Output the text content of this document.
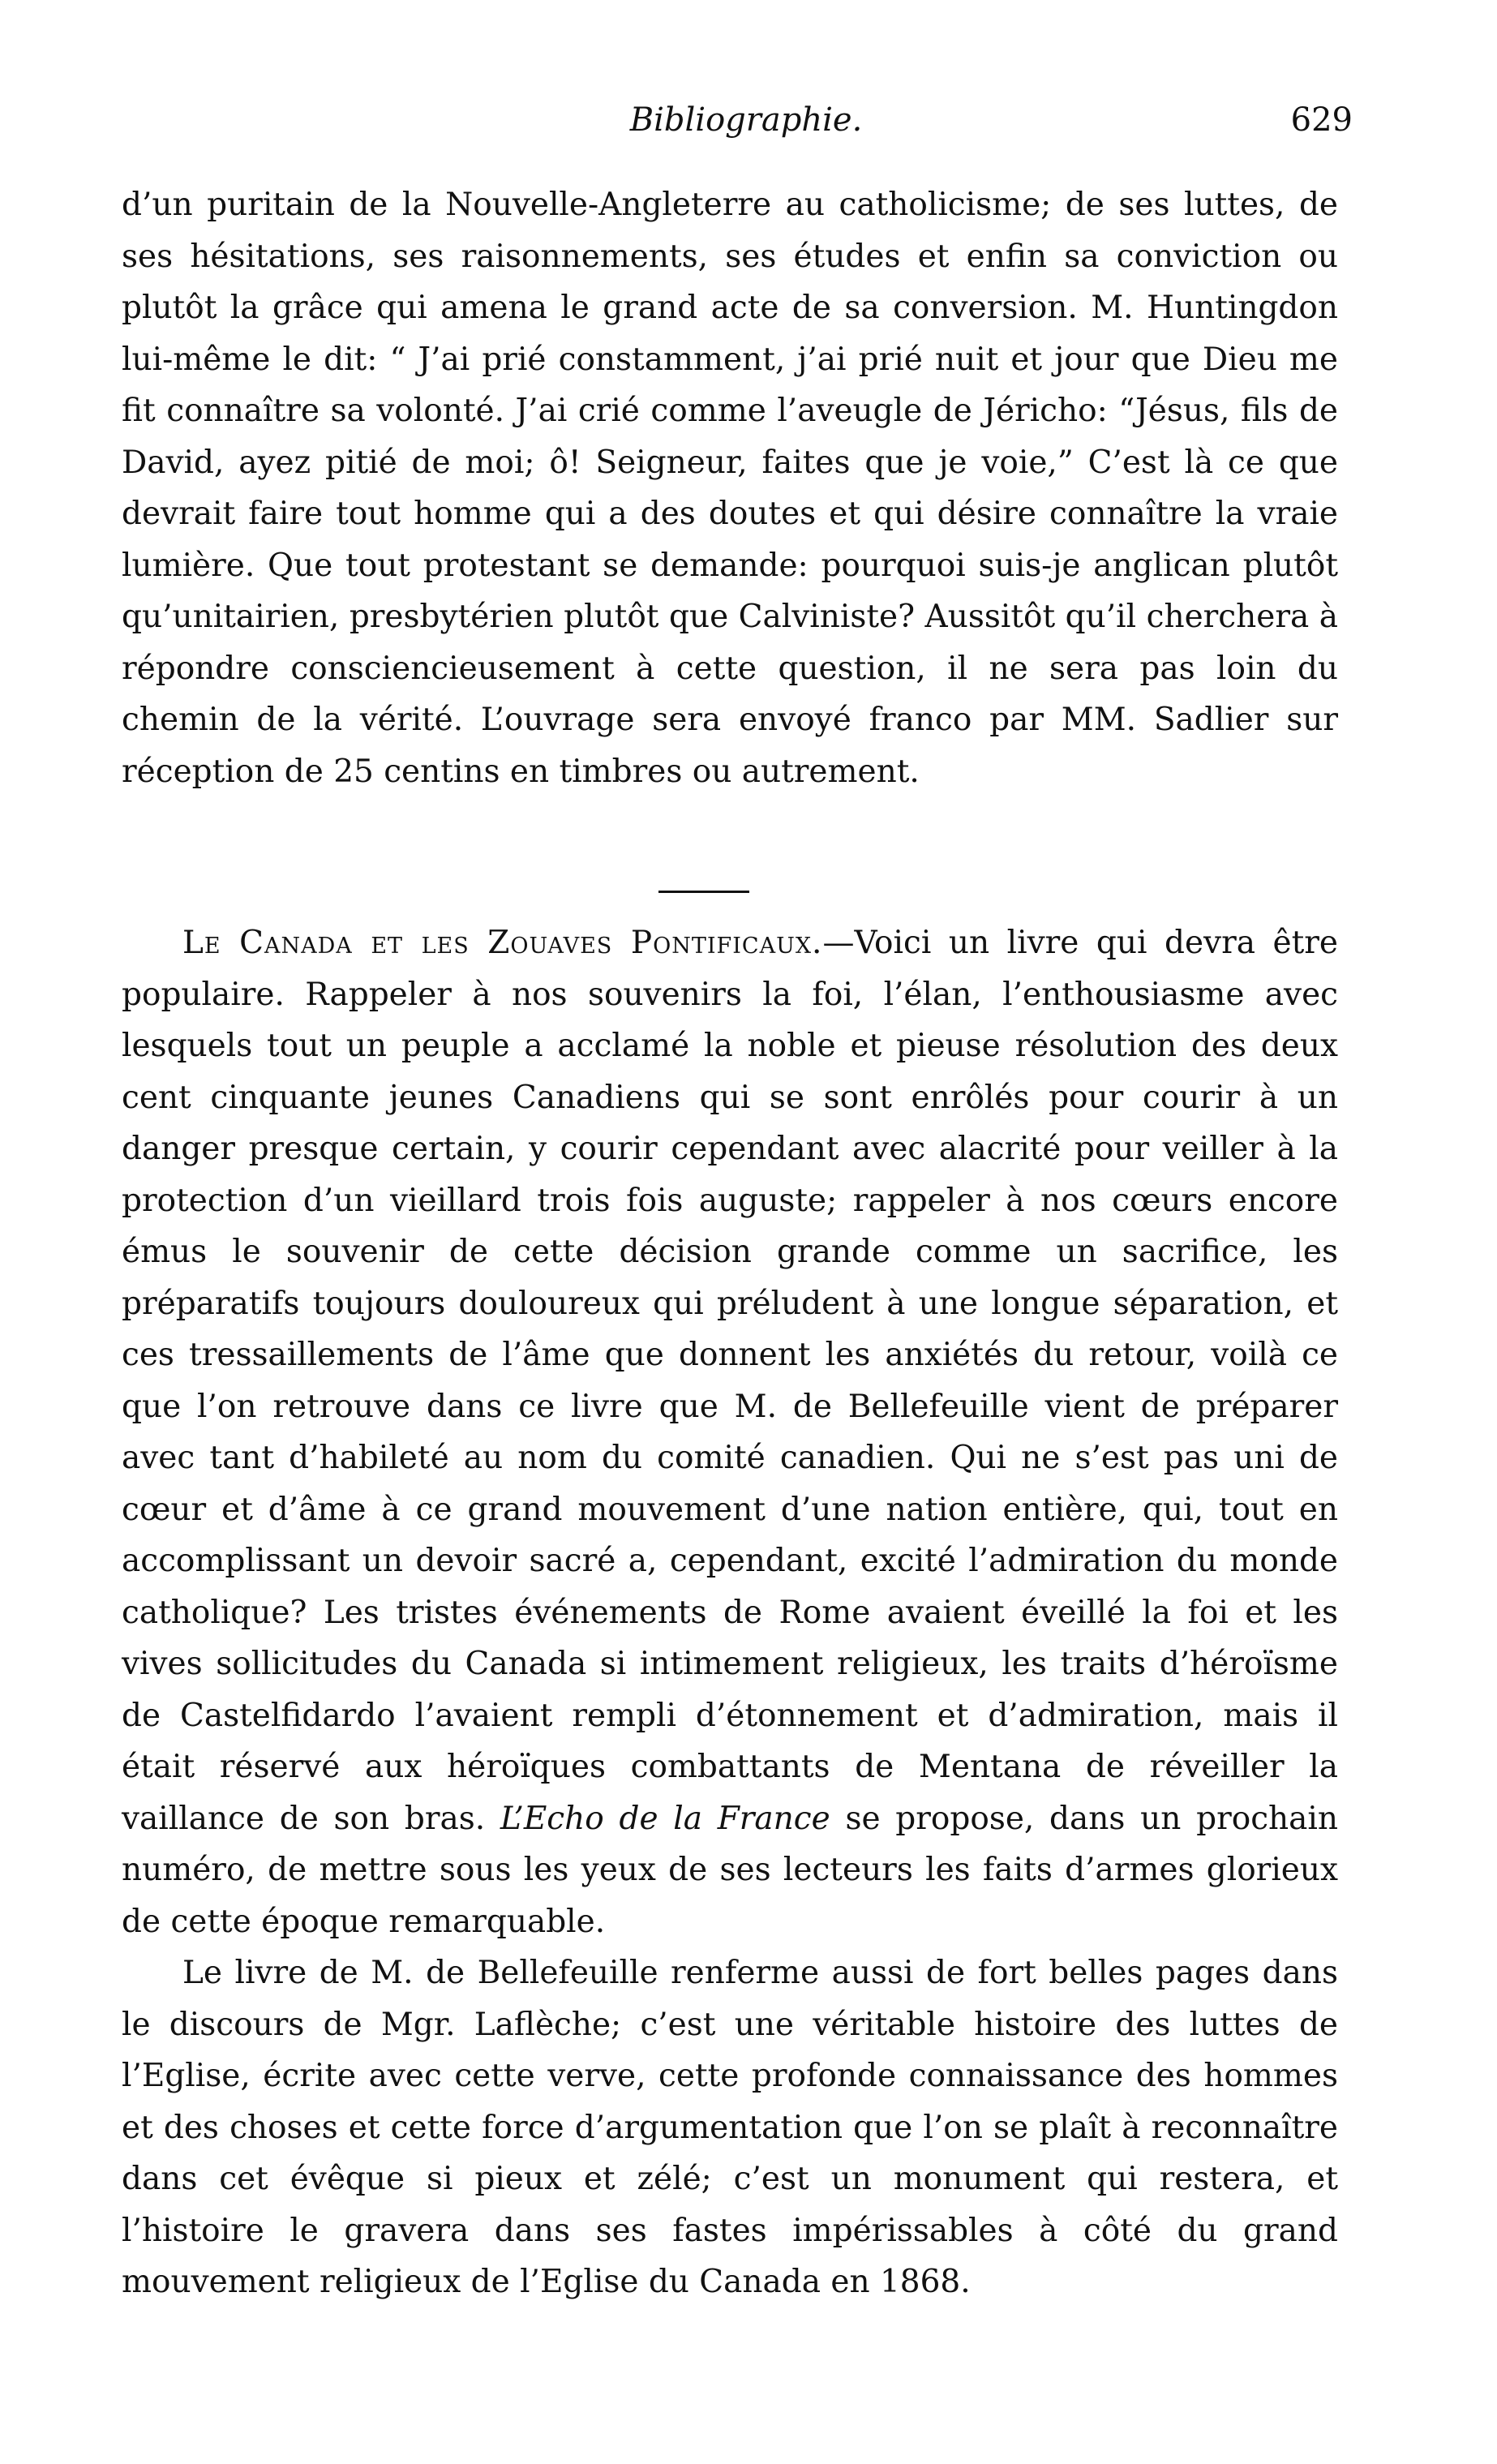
Bibliographie.	629

d’un puritain de la Nouvelle-Angleterre au catholicisme; de ses luttes, de ses hésitations, ses raisonnements, ses études et enfin sa conviction ou plutôt la grâce qui amena le grand acte de sa conversion. M. Huntingdon lui-même le dit: “ J’ai prié constamment, j’ai prié nuit et jour que Dieu me fit connaître sa volonté. J’ai crié comme l’aveugle de Jéricho: “Jésus, fils de David, ayez pitié de moi; ô! Seigneur, faites que je voie,” C’est là ce que devrait faire tout homme qui a des doutes et qui désire connaître la vraie lumière. Que tout protestant se demande: pourquoi suis-je anglican plutôt qu’unitairien, presbytérien plutôt que Calviniste? Aussitôt qu’il cherchera à répondre consciencieusement à cette question, il ne sera pas loin du chemin de la vérité. L’ouvrage sera envoyé franco par MM. Sadlier sur réception de 25 centins en timbres ou autrement.

Le Canada et les Zouaves Pontificaux.—Voici un livre qui devra être populaire. Rappeler à nos souvenirs la foi, l’élan, l’enthousiasme avec lesquels tout un peuple a acclamé la noble et pieuse résolution des deux cent cinquante jeunes Canadiens qui se sont enrôlés pour courir à un danger presque certain, y courir cependant avec alacrité pour veiller à la protection d’un vieillard trois fois auguste; rappeler à nos cœurs encore émus le souvenir de cette décision grande comme un sacrifice, les préparatifs toujours douloureux qui préludent à une longue séparation, et ces tressaillements de l’âme que donnent les anxiétés du retour, voilà ce que l’on retrouve dans ce livre que M. de Bellefeuille vient de préparer avec tant d’habileté au nom du comité canadien. Qui ne s’est pas uni de cœur et d’âme à ce grand mouvement d’une nation entière, qui, tout en accomplissant un devoir sacré a, cependant, excité l’admiration du monde catholique? Les tristes événements de Rome avaient éveillé la foi et les vives sollicitudes du Canada si intimement religieux, les traits d’héroïsme de Castelfidardo l’avaient rempli d’étonnement et d’admiration, mais il était réservé aux héroïques combattants de Mentana de réveiller la vaillance de son bras. L’Echo de la France se propose, dans un prochain numéro, de mettre sous les yeux de ses lecteurs les faits d’armes glorieux de cette époque remarquable.

Le livre de M. de Bellefeuille renferme aussi de fort belles pages dans le discours de Mgr. Laflèche; c’est une véritable histoire des luttes de l’Eglise, écrite avec cette verve, cette profonde connaissance des hommes et des choses et cette force d’argumentation que l’on se plaît à reconnaître dans cet évêque si pieux et zélé; c’est un monument qui restera, et l’histoire le gravera dans ses fastes impérissables à côté du grand mouvement religieux de l’Eglise du Canada en 1868.
